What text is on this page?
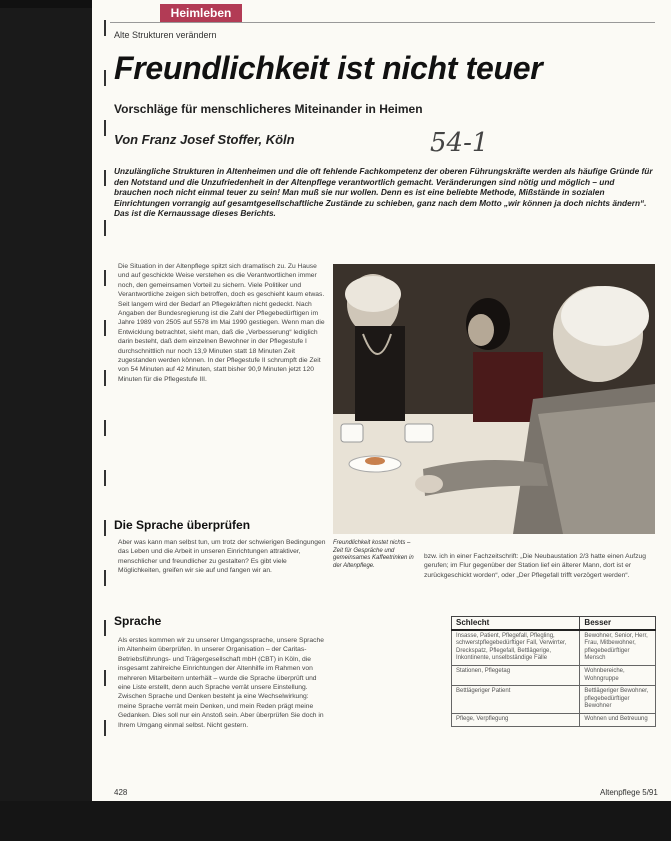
Heimleben
Alte Strukturen verändern
Freundlichkeit ist nicht teuer
Vorschläge für menschlicheres Miteinander in Heimen
Von Franz Josef Stoffer, Köln	54-1

Unzulängliche Strukturen in Altenheimen und die oft fehlende Fachkompetenz der oberen Führungskräfte werden als häufige Gründe für den Notstand und die Unzufriedenheit in der Altenpflege verantwortlich gemacht. Veränderungen sind nötig und möglich – und brauchen noch nicht einmal teuer zu sein! Man muß sie nur wollen. Denn es ist eine beliebte Methode, Mißstände in sozialen Einrichtungen vorrangig auf gesamtgesellschaftliche Zustände zu schieben, ganz nach dem Motto „wir können ja doch nichts ändern“. Das ist die Kernaussage dieses Berichts.

Die Situation in der Altenpflege spitzt sich dramatisch zu. Zu Hause und auf geschickte Weise verstehen es die Verantwortlichen immer noch, den gemeinsamen Vorteil zu sichern. Viele Politiker und Verantwortliche zeigen sich betroffen, doch es geschieht kaum etwas. Seit langem wird der Bedarf an Pflegekräften nicht gedeckt. Nach Angaben der Bundesregierung ist die Zahl der Pflegebedürftigen im Jahre 1989 von 2505 auf 5578 im Mai 1990 gestiegen. Wenn man die Entwicklung betrachtet, sieht man, daß die „Verbesserung“ lediglich darin besteht, daß dem einzelnen Bewohner in der Pflegestufe I durchschnittlich nur noch 13,9 Minuten statt 18 Minuten Zeit zugestanden werden können. In der Pflegestufe II schrumpft die Zeit von 54 Minuten auf 42 Minuten, statt bisher 90,9 Minuten jetzt 120 Minuten für die Pflegestufe III.

Die Sprache überprüfen

Aber was kann man selbst tun, um trotz der schwierigen Bedingungen das Leben und die Arbeit in unseren Einrichtungen attraktiver, menschlicher und freundlicher zu gestalten? Es gibt viele Möglichkeiten, greifen wir sie auf und fangen wir an.

Sprache

Als erstes kommen wir zu unserer Umgangssprache, unsere Sprache im Altenheim überprüfen. In unserer Organisation – der Caritas-Betriebsführungs- und Trägergesellschaft mbH (CBT) in Köln, die insgesamt zahlreiche Einrichtungen der Altenhilfe im Rahmen von mehreren Mitarbeitern unterhält – wurde die Sprache überprüft und eine Liste erstellt, denn auch Sprache verrät unsere Einstellung. Zwischen Sprache und Denken besteht ja eine Wechselwirkung: meine Sprache verrät mein Denken, und mein Reden prägt meine Gedanken. Dies soll nur ein Anstoß sein. Aber überprüfen Sie doch in Ihrem Umgang einmal selbst. Nicht gestern.

Freundlichkeit kostet nichts – Zeit für Gespräche und gemeinsames Kaffeetrinken in der Altenpflege.

bzw. ich in einer Fachzeitschrift: „Die Neubaustation 2/3 hatte einen Aufzug gerufen; im Flur gegenüber der Station lief ein älterer Mann, dort ist er zurückgeschickt worden“, oder „Der Pflegefall trifft verzögert werden“.

Schlecht	Besser
Insasse, Patient, Pflegefall, Pflegling, schwerstpflegebedürftiger Fall, Verwirrter, Dreckspatz, Pflegefall, Bettlägerige, Inkontinente, unselbständige Fälle	Bewohner, Senior, Herr, Frau, Mitbewohner, pflegebedürftiger Mensch
Stationen, Pflegetag	Wohnbereiche, Wohngruppe
Bettlägeriger Patient	Bettlägeriger Bewohner, pflegebedürftiger Bewohner
Pflege, Verpflegung	Wohnen und Betreuung
428	Altenpflege 5/91
